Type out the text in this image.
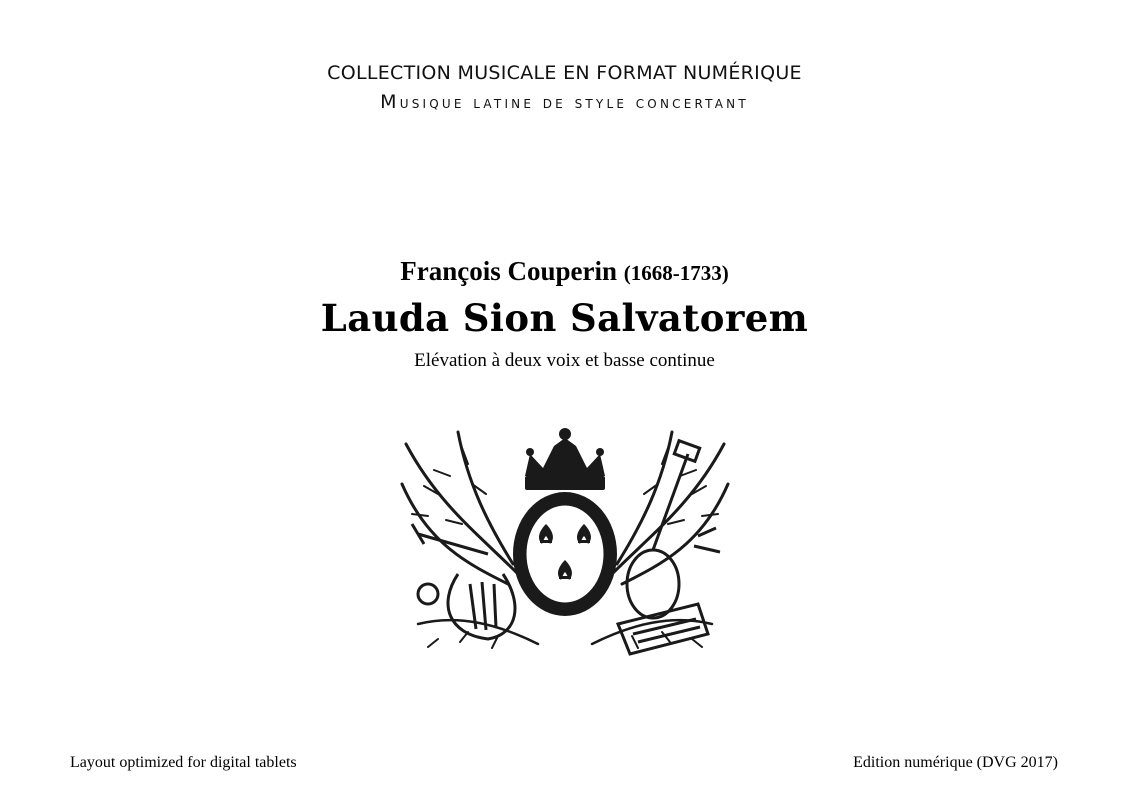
COLLECTION MUSICALE EN FORMAT NUMÉRIQUE
Musique latine de style concertant
François Couperin (1668-1733)
Lauda Sion Salvatorem
Elévation à deux voix et basse continue
Layout optimized for digital tablets	Edition numérique (DVG 2017)
